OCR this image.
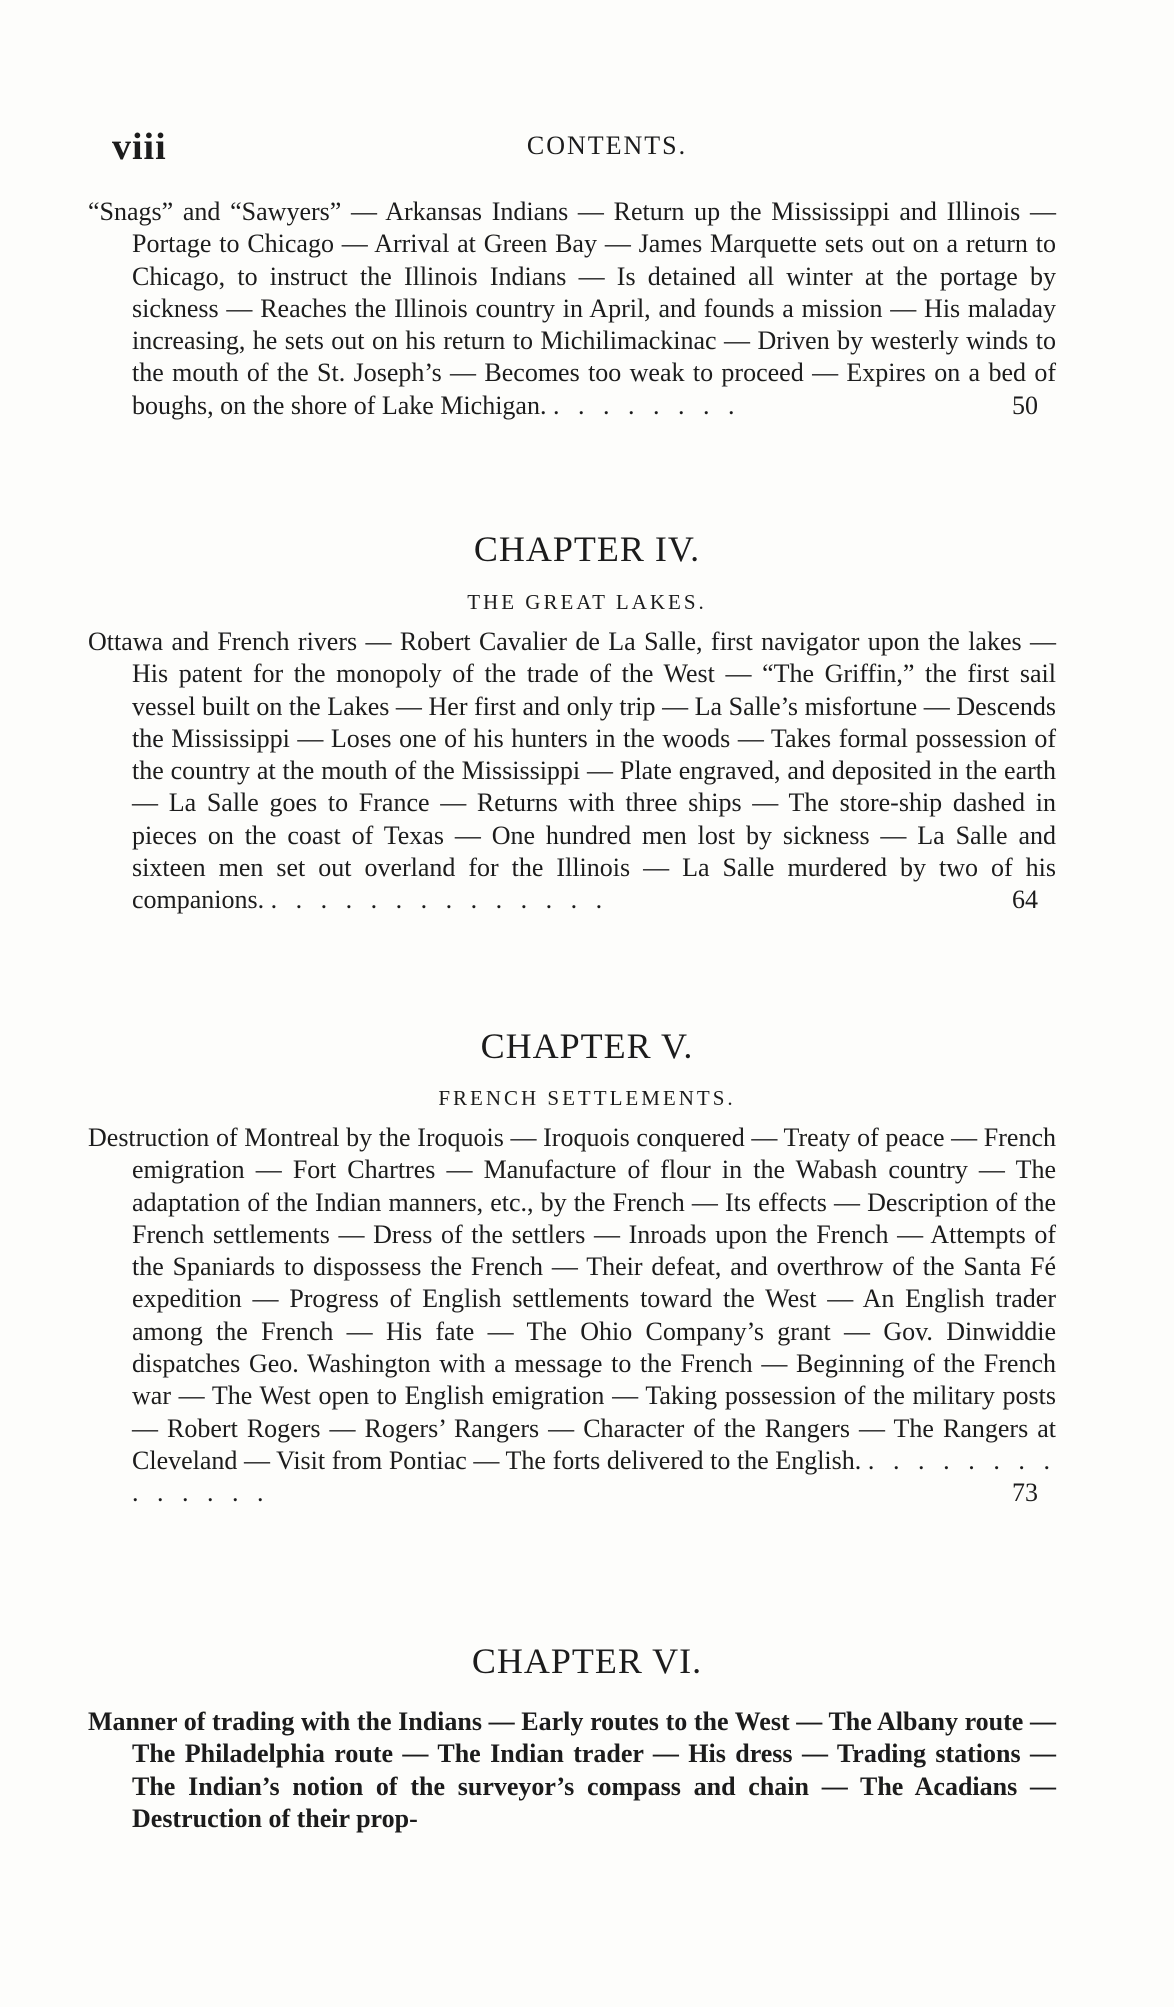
viii	CONTENTS.
“Snags” and “Sawyers” — Arkansas Indians — Return up the Mississippi and Illinois — Portage to Chicago — Arrival at Green Bay — James Marquette sets out on a return to Chicago, to instruct the Illinois Indians — Is detained all winter at the portage by sickness — Reaches the Illinois country in April, and founds a mission — His maladay increasing, he sets out on his return to Michilimackinac — Driven by westerly winds to the mouth of the St. Joseph’s — Becomes too weak to proceed — Expires on a bed of boughs, on the shore of Lake Michigan. . . . . . . . .	50
CHAPTER IV.
THE GREAT LAKES.
Ottawa and French rivers — Robert Cavalier de La Salle, first navigator upon the lakes — His patent for the monopoly of the trade of the West — “The Griffin,” the first sail vessel built on the Lakes — Her first and only trip — La Salle’s misfortune — Descends the Mississippi — Loses one of his hunters in the woods — Takes formal possession of the country at the mouth of the Mississippi — Plate engraved, and deposited in the earth — La Salle goes to France — Returns with three ships — The store-ship dashed in pieces on the coast of Texas — One hundred men lost by sickness — La Salle and sixteen men set out overland for the Illinois — La Salle murdered by two of his companions. . . . . . . . . . . . . . .	64
CHAPTER V.
FRENCH SETTLEMENTS.
Destruction of Montreal by the Iroquois — Iroquois conquered — Treaty of peace — French emigration — Fort Chartres — Manufacture of flour in the Wabash country — The adaptation of the Indian manners, etc., by the French — Its effects — Description of the French settlements — Dress of the settlers — Inroads upon the French — Attempts of the Spaniards to dispossess the French — Their defeat, and overthrow of the Santa Fé expedition — Progress of English settlements toward the West — An English trader among the French — His fate — The Ohio Company’s grant — Gov. Dinwiddie dispatches Geo. Washington with a message to the French — Beginning of the French war — The West open to English emigration — Taking possession of the military posts — Robert Rogers — Rogers’ Rangers — Character of the Rangers — The Rangers at Cleveland — Visit from Pontiac — The forts delivered to the English. . . . . . . . . . . . . . .	73
CHAPTER VI.
Manner of trading with the Indians — Early routes to the West — The Albany route — The Philadelphia route — The Indian trader — His dress — Trading stations — The Indian’s notion of the surveyor’s compass and chain — The Acadians — Destruction of their prop-
